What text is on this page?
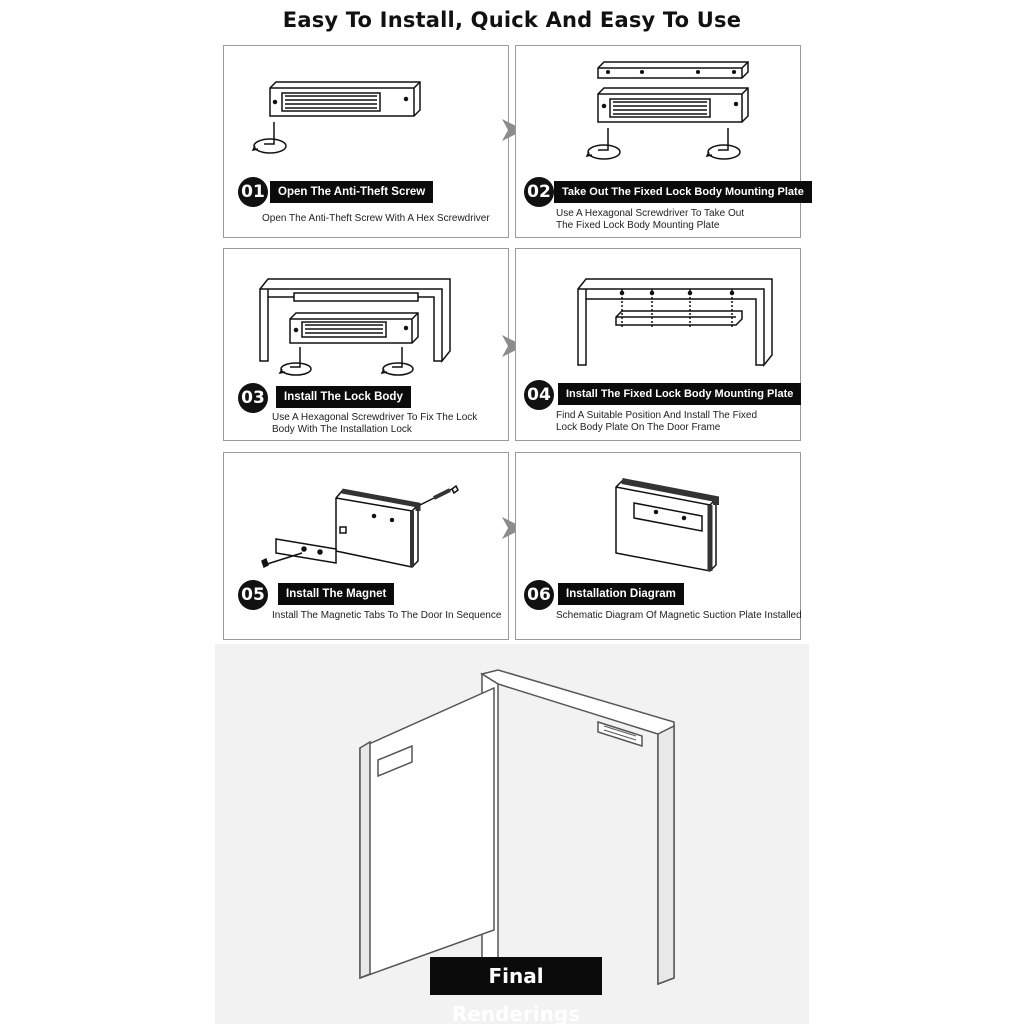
Easy To Install, Quick And Easy To Use
01	Open The Anti-Theft Screw
Open The Anti-Theft Screw With A Hex Screwdriver
02	Take Out The Fixed Lock Body Mounting Plate
Use A Hexagonal Screwdriver To Take Out
The Fixed Lock Body Mounting Plate
03	Install The Lock Body
Use A Hexagonal Screwdriver To Fix The Lock
Body With The Installation Lock
04	Install The Fixed Lock Body Mounting Plate
Find A Suitable Position And Install The Fixed
Lock Body Plate On The Door Frame
05	Install The Magnet
Install The Magnetic Tabs To The Door In Sequence
06	Installation Diagram
Schematic Diagram Of Magnetic Suction Plate Installed
Final Renderings
